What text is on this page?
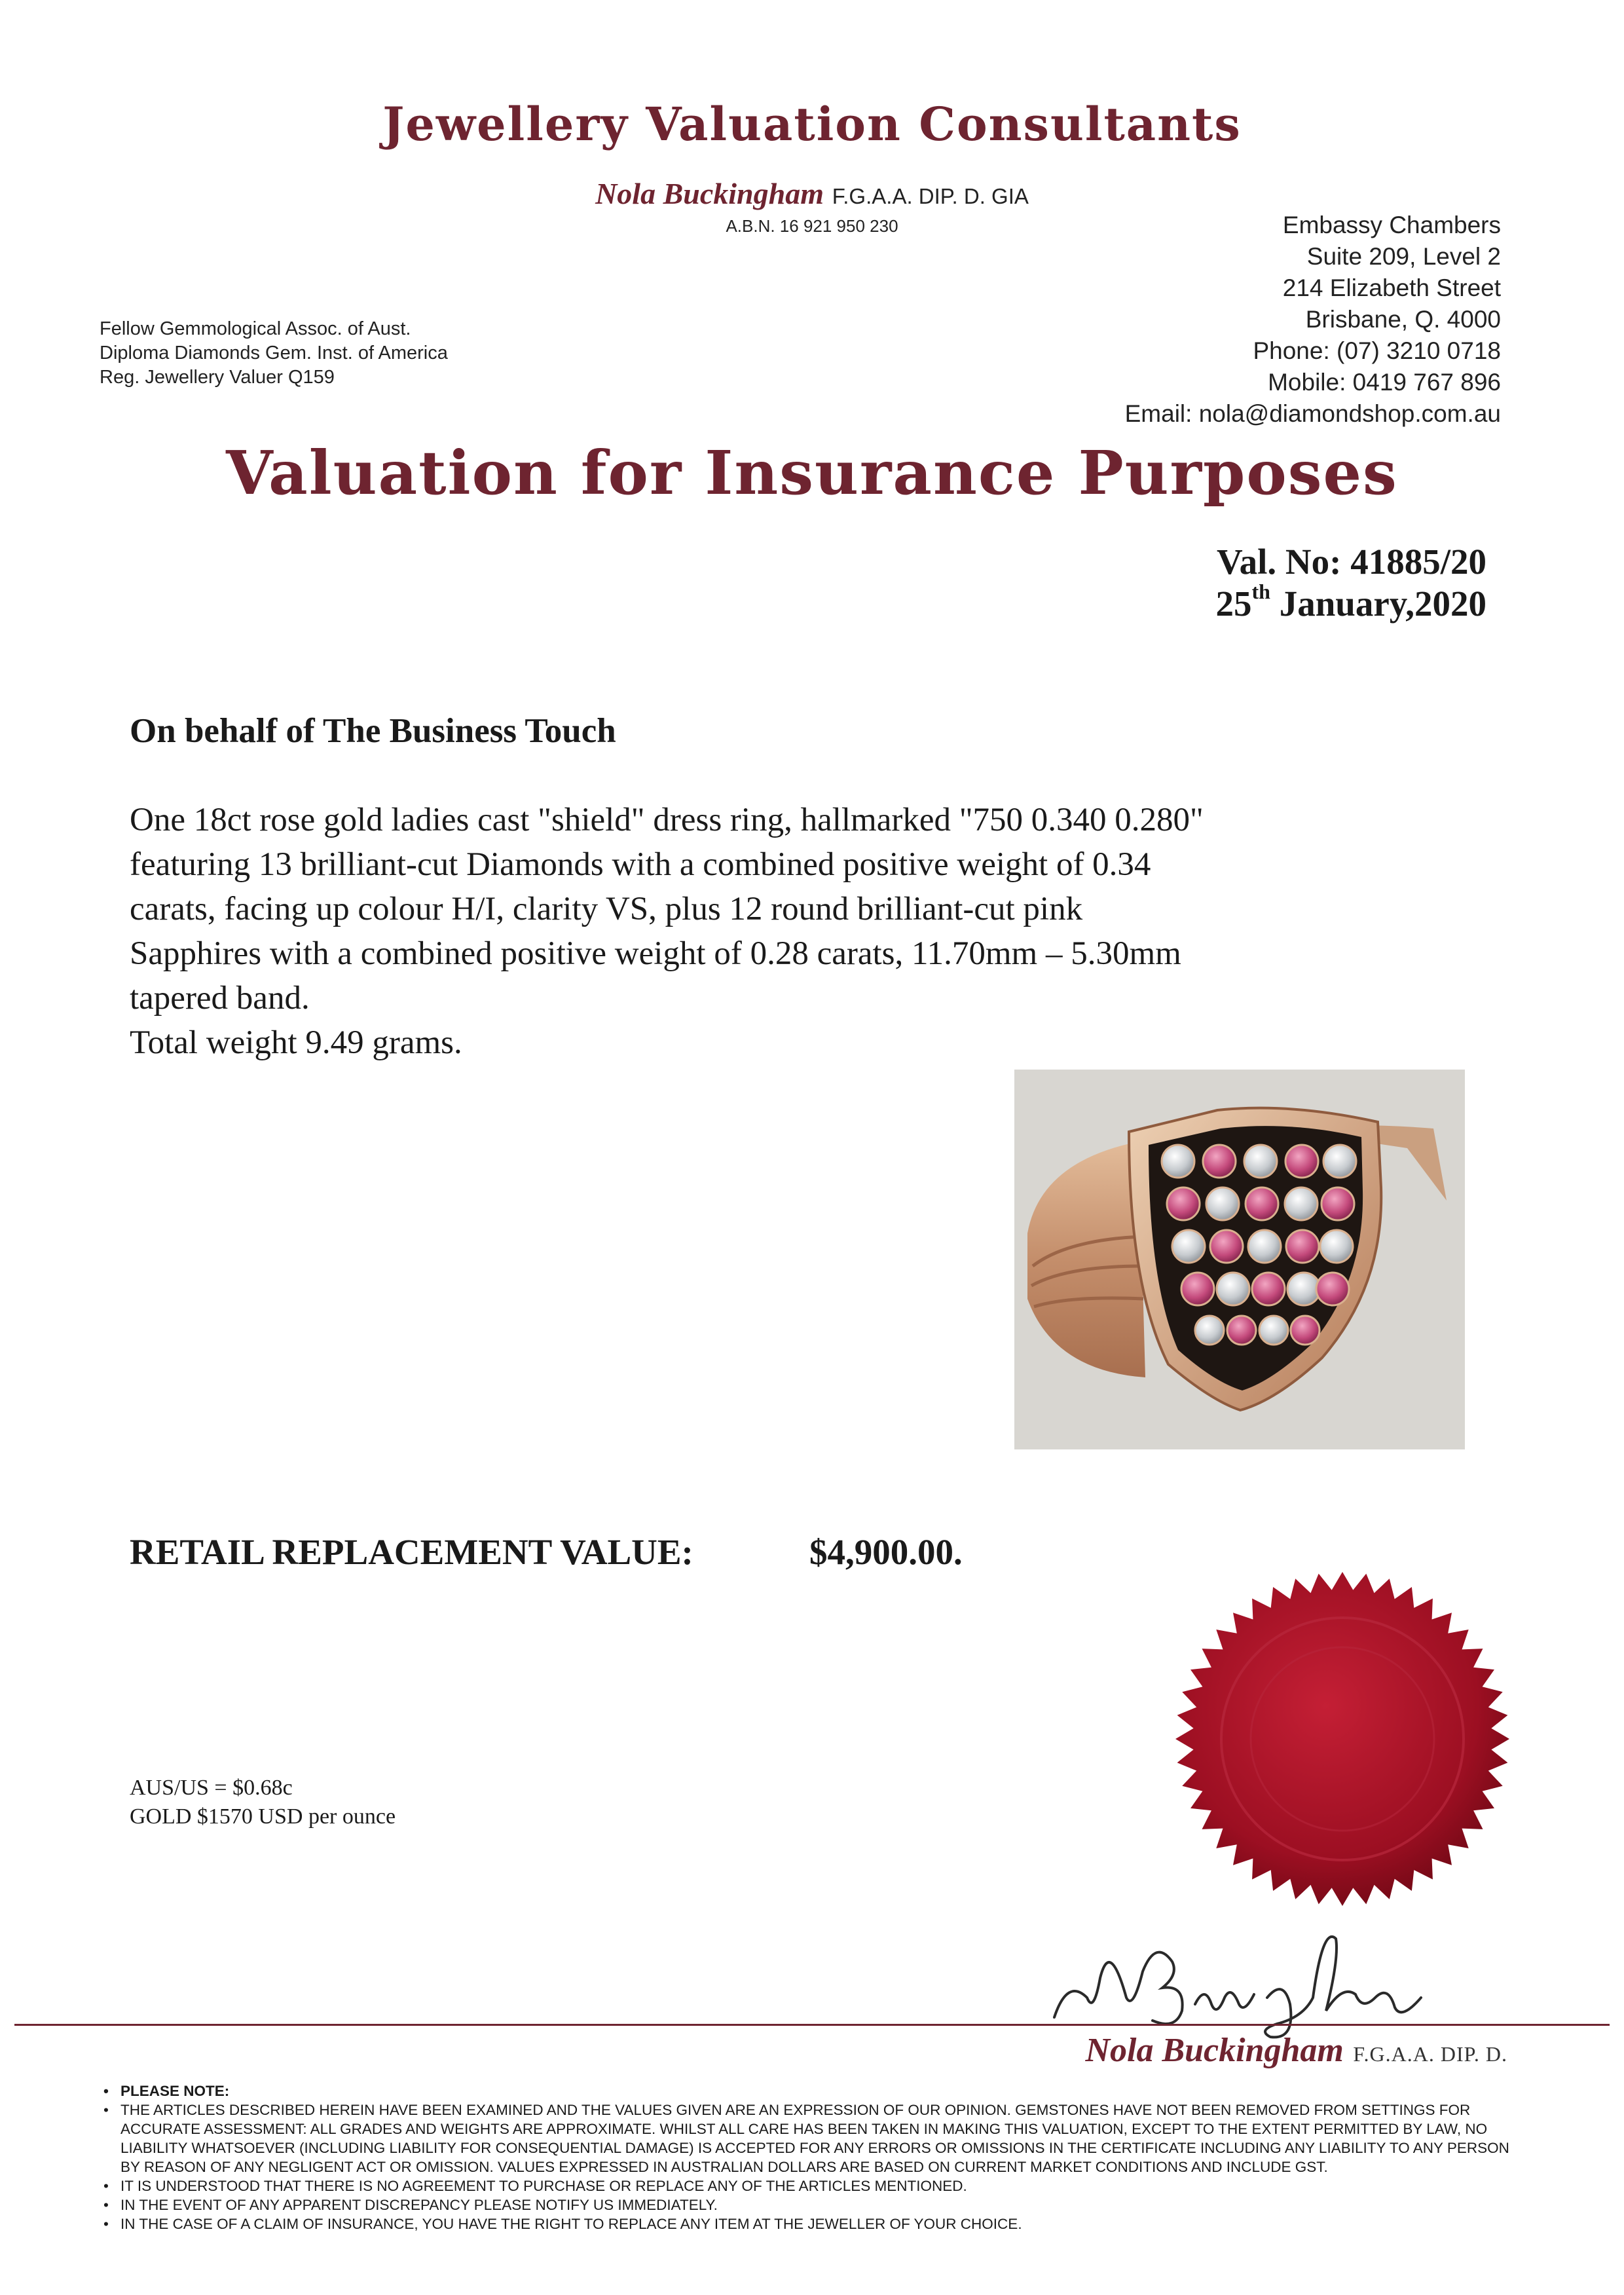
Jewellery Valuation Consultants
Nola Buckingham F.G.A.A. DIP. D. GIA
A.B.N. 16 921 950 230	Embassy Chambers
Suite 209, Level 2
214 Elizabeth Street
Brisbane, Q. 4000
Phone: (07) 3210 0718
Mobile: 0419 767 896
Email: nola@diamondshop.com.au
Fellow Gemmological Assoc. of Aust.
Diploma Diamonds Gem. Inst. of America
Reg. Jewellery Valuer Q159
Valuation for Insurance Purposes
Val. No: 41885/20
25th January,2020
On behalf of The Business Touch
One 18ct rose gold ladies cast "shield" dress ring, hallmarked "750 0.340 0.280"
featuring 13 brilliant-cut Diamonds with a combined positive weight of 0.34
carats, facing up colour H/I, clarity VS, plus 12 round brilliant-cut pink
Sapphires with a combined positive weight of 0.28 carats, 11.70mm – 5.30mm
tapered band.
Total weight 9.49 grams.
RETAIL REPLACEMENT VALUE:	$4,900.00.
AUS/US = $0.68c
GOLD $1570 USD per ounce
Nola Buckingham F.G.A.A. DIP. D.
• PLEASE NOTE:
• THE ARTICLES DESCRIBED HEREIN HAVE BEEN EXAMINED AND THE VALUES GIVEN ARE AN EXPRESSION OF OUR OPINION. GEMSTONES HAVE NOT BEEN REMOVED FROM SETTINGS FOR ACCURATE ASSESSMENT: ALL GRADES AND WEIGHTS ARE APPROXIMATE. WHILST ALL CARE HAS BEEN TAKEN IN MAKING THIS VALUATION, EXCEPT TO THE EXTENT PERMITTED BY LAW, NO LIABILITY WHATSOEVER (INCLUDING LIABILITY FOR CONSEQUENTIAL DAMAGE) IS ACCEPTED FOR ANY ERRORS OR OMISSIONS IN THE CERTIFICATE INCLUDING ANY LIABILITY TO ANY PERSON BY REASON OF ANY NEGLIGENT ACT OR OMISSION. VALUES EXPRESSED IN AUSTRALIAN DOLLARS ARE BASED ON CURRENT MARKET CONDITIONS AND INCLUDE GST.
• IT IS UNDERSTOOD THAT THERE IS NO AGREEMENT TO PURCHASE OR REPLACE ANY OF THE ARTICLES MENTIONED.
• IN THE EVENT OF ANY APPARENT DISCREPANCY PLEASE NOTIFY US IMMEDIATELY.
• IN THE CASE OF A CLAIM OF INSURANCE, YOU HAVE THE RIGHT TO REPLACE ANY ITEM AT THE JEWELLER OF YOUR CHOICE.
